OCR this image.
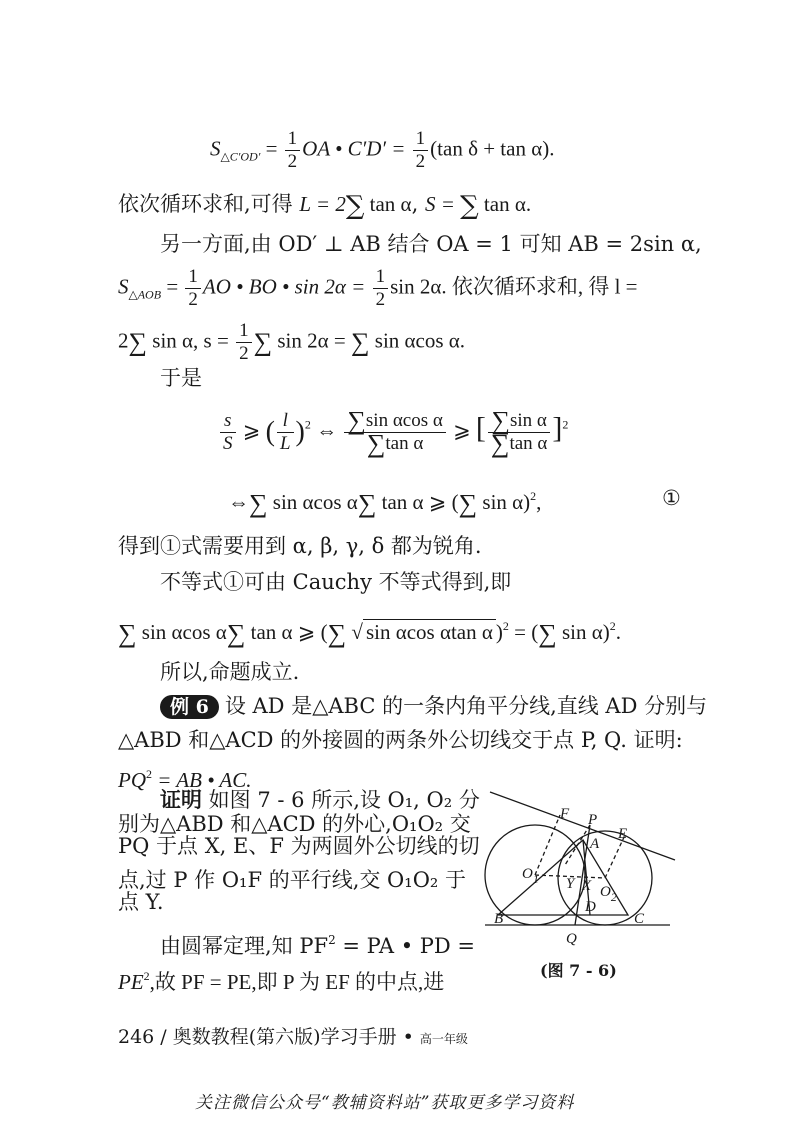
$S_{\triangle C'OD'} = \frac{1}{2}$ OA • $C'D' = \frac{1}{2} (\tan$ δ + tan α).
依次循环求和,可得 L = 2∑ tan α, S = ∑ tan α.
另一方面,由 OD′ ⊥ AB 结合 OA = 1 可知 AB = 2sin α,
$S_{\triangle AOB} = \frac{1}{2}$ AO • BO • $\sin 2\alpha = \frac{1}{2}$ sin 2α. 依次循环求和, 得 l =
2∑ sin α, $s = \frac{1}{2}$ ∑ sin 2α = ∑ sin αcos α.
于是
$\frac{s}{S}$ ⩾ ( $\frac{l}{L} )^2$ ⇔ $\frac{\text{∑sin αcos α}}{\text{∑tan α}}$ ⩾ [ $\frac{\text{∑sin α}}{\text{∑tan α}} ]^2$
⇔∑ sin αcos α∑ tan α ⩾ (∑ sin α)$^2$,	①
得到①式需要用到 α, β, γ, δ 都为锐角.
不等式①可由 Cauchy 不等式得到,即
∑ sin αcos α∑ tan α ⩾ (∑ √ sin αcos αtan α )$^2$ = (∑ sin α)$^2$.
所以,命题成立.
例 6 设 AD 是△ABC 的一条内角平分线,直线 AD 分别与
△ABD 和△ACD 的外接圆的两条外公切线交于点 P, Q. 证明:
$PQ^2$ = AB • AC.
证明 如图 7 - 6 所示,设 O₁, O₂ 分
别为△ABD 和△ACD 的外心,O₁O₂ 交
PQ 于点 X, E、F 为两圆外公切线的切
点,过 P 作 O₁F 的平行线,交 O₁O₂ 于
点 Y.
由圆幂定理,知 $PF^2$ = PA • PD =
F P
E
A
$O_1$ Y X $O_2$
D
B	C
Q
(图 7 - 6)
246 / 奥数教程(第六版)学习手册 • 高一年级
关注微信公众号“教辅资料站”获取更多学习资料
$PE^2$,故 PF = PE,即 P 为 EF 的中点,进
